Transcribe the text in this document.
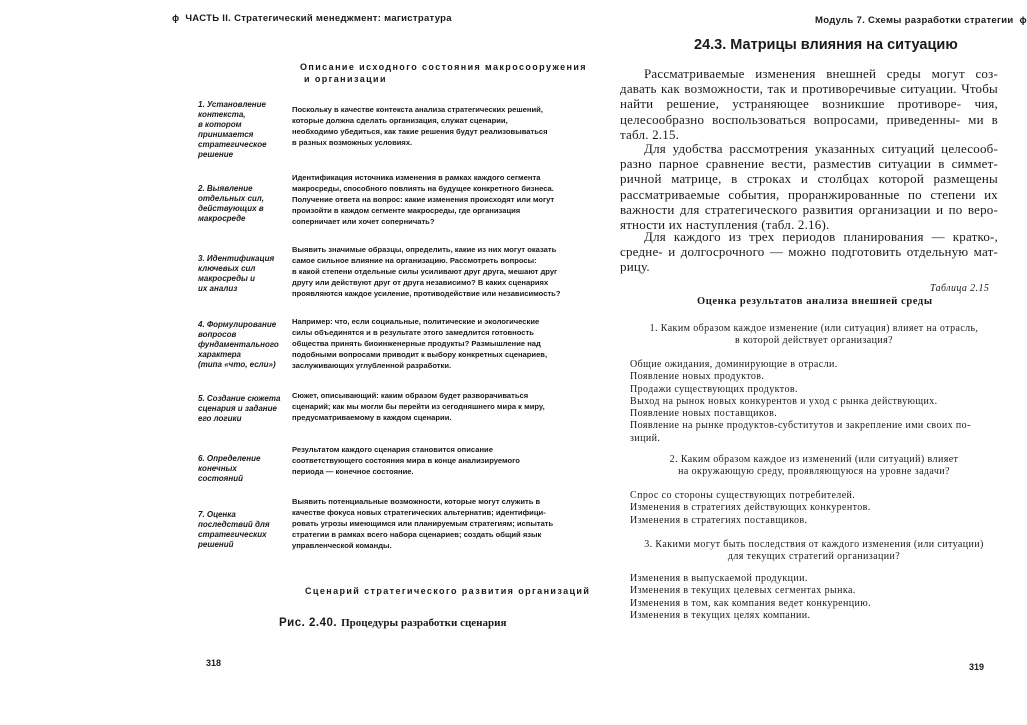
ϕ ЧАСТЬ II. Стратегический менеджмент: магистратура
Описание исходного состояния макросооружения
и организации
1. Установление
контекста,
в котором
принимается
стратегическое
решение
Поскольку в качестве контекста анализа стратегических решений,
которые должна сделать организация, служат сценарии,
необходимо убедиться, как такие решения будут реализовываться
в разных возможных условиях.
2. Выявление
отдельных сил,
действующих в
макросреде
Идентификация источника изменения в рамках каждого сегмента
макросреды, способного повлиять на будущее конкретного бизнеса.
Получение ответа на вопрос: какие изменения происходят или могут
произойти в каждом сегменте макросреды, где организация
соперничает или хочет соперничать?
3. Идентификация
ключевых сил
макросреды и
их анализ
Выявить значимые образцы, определить, какие из них могут оказать
самое сильное влияние на организацию. Рассмотреть вопросы:
в какой степени отдельные силы усиливают друг друга, мешают друг
другу или действуют друг от друга независимо? В каких сценариях
проявляются каждое усиление, противодействие или независимость?
4. Формулирование
вопросов
фундаментального
характера
(типа «что, если»)
Например: что, если социальные, политические и экологические
силы объединятся и в результате этого замедлится готовность
общества принять биоинженерные продукты? Размышление над
подобными вопросами приводит к выбору конкретных сценариев,
заслуживающих углубленной разработки.
5. Создание сюжета
сценария и задание
его логики
Сюжет, описывающий: каким образом будет разворачиваться
сценарий; как мы могли бы перейти из сегодняшнего мира к миру,
предусматриваемому в каждом сценарии.
6. Определение
конечных
состояний
Результатом каждого сценария становится описание
соответствующего состояния мира в конце анализируемого
периода — конечное состояние.
7. Оценка
последствий для
стратегических
решений
Выявить потенциальные возможности, которые могут служить в
качестве фокуса новых стратегических альтернатив; идентифици-
ровать угрозы имеющимся или планируемым стратегиям; испытать
стратегии в рамках всего набора сценариев; создать общий язык
управленческой команды.
Сценарий стратегического развития организаций
Рис. 2.40. Процедуры разработки сценария
318
Модуль 7. Схемы разработки стратегии ϕ
24.3. Матрицы влияния на ситуацию
Рассматриваемые изменения внешней среды могут соз- давать как возможности, так и противоречивые ситуации. Чтобы найти решение, устраняющее возникшие противоре- чия, целесообразно воспользоваться вопросами, приведенны- ми в табл. 2.15.
Для удобства рассмотрения указанных ситуаций целесооб- разно парное сравнение вести, разместив ситуации в симмет- ричной матрице, в строках и столбцах которой размещены рассматриваемые события, проранжированные по степени их важности для стратегического развития организации и по веро- ятности их наступления (табл. 2.16).
Для каждого из трех периодов планирования — кратко-, средне- и долгосрочного — можно подготовить отдельную мат- рицу.
Таблица 2.15
Оценка результатов анализа внешней среды
1. Каким образом каждое изменение (или ситуация) влияет на отрасль,
в которой действует организация?
Общие ожидания, доминирующие в отрасли.
Появление новых продуктов.
Продажи существующих продуктов.
Выход на рынок новых конкурентов и уход с рынка действующих.
Появление новых поставщиков.
Появление на рынке продуктов-субститутов и закрепление ими своих по-
зиций.
2. Каким образом каждое из изменений (или ситуаций) влияет
на окружающую среду, проявляющуюся на уровне задачи?
Спрос со стороны существующих потребителей.
Изменения в стратегиях действующих конкурентов.
Изменения в стратегиях поставщиков.
3. Какими могут быть последствия от каждого изменения (или ситуации)
для текущих стратегий организации?
Изменения в выпускаемой продукции.
Изменения в текущих целевых сегментах рынка.
Изменения в том, как компания ведет конкуренцию.
Изменения в текущих целях компании.
319
